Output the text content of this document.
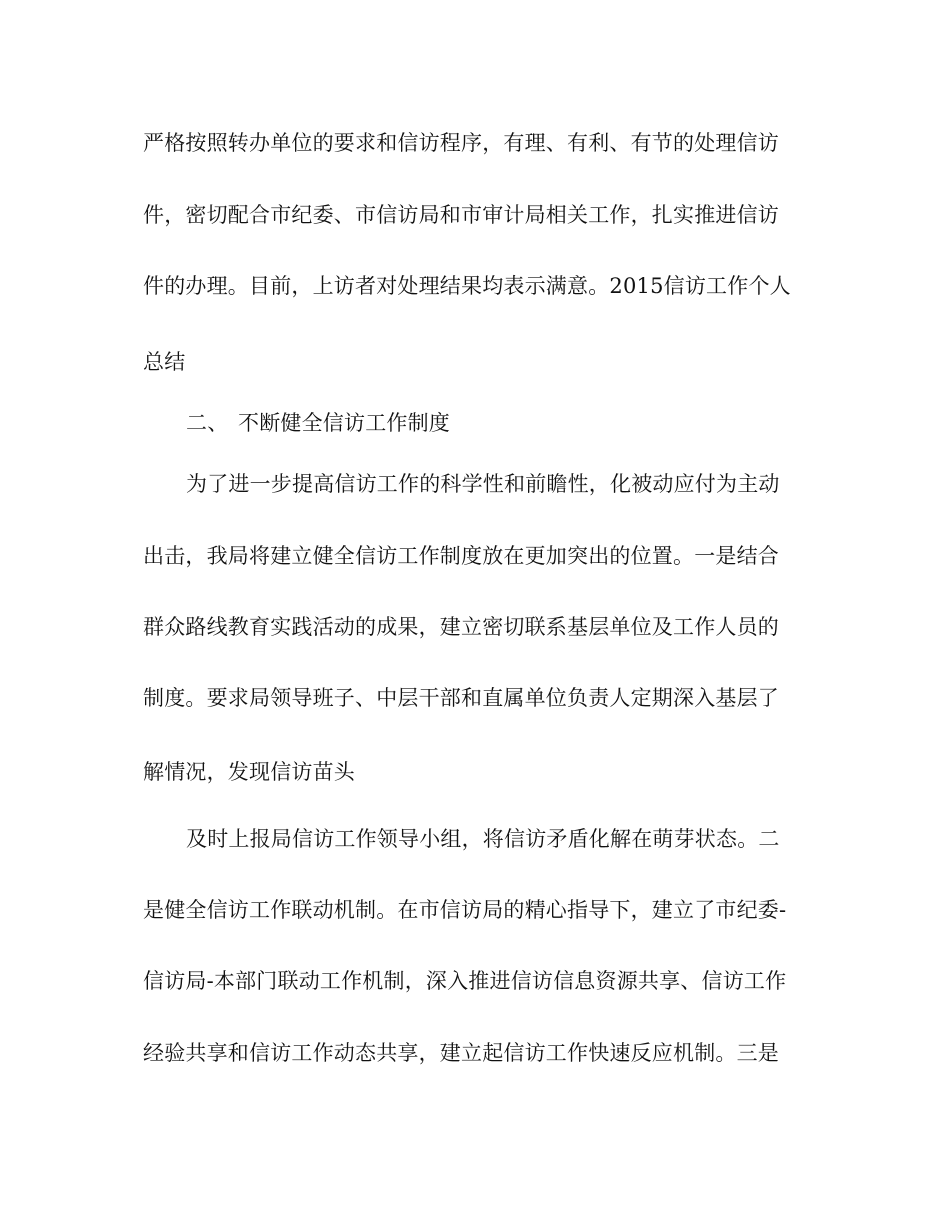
严格按照转办单位的要求和信访程序，有理、有利、有节的处理信访

件，密切配合市纪委、市信访局和市审计局相关工作，扎实推进信访

件的办理。目前，上访者对处理结果均表示满意。2015信访工作个人

总结

二、 不断健全信访工作制度

为了进一步提高信访工作的科学性和前瞻性，化被动应付为主动

出击，我局将建立健全信访工作制度放在更加突出的位置。一是结合

群众路线教育实践活动的成果，建立密切联系基层单位及工作人员的

制度。要求局领导班子、中层干部和直属单位负责人定期深入基层了

解情况，发现信访苗头

及时上报局信访工作领导小组，将信访矛盾化解在萌芽状态。二

是健全信访工作联动机制。在市信访局的精心指导下，建立了市纪委-

信访局-本部门联动工作机制，深入推进信访信息资源共享、信访工作

经验共享和信访工作动态共享，建立起信访工作快速反应机制。三是
